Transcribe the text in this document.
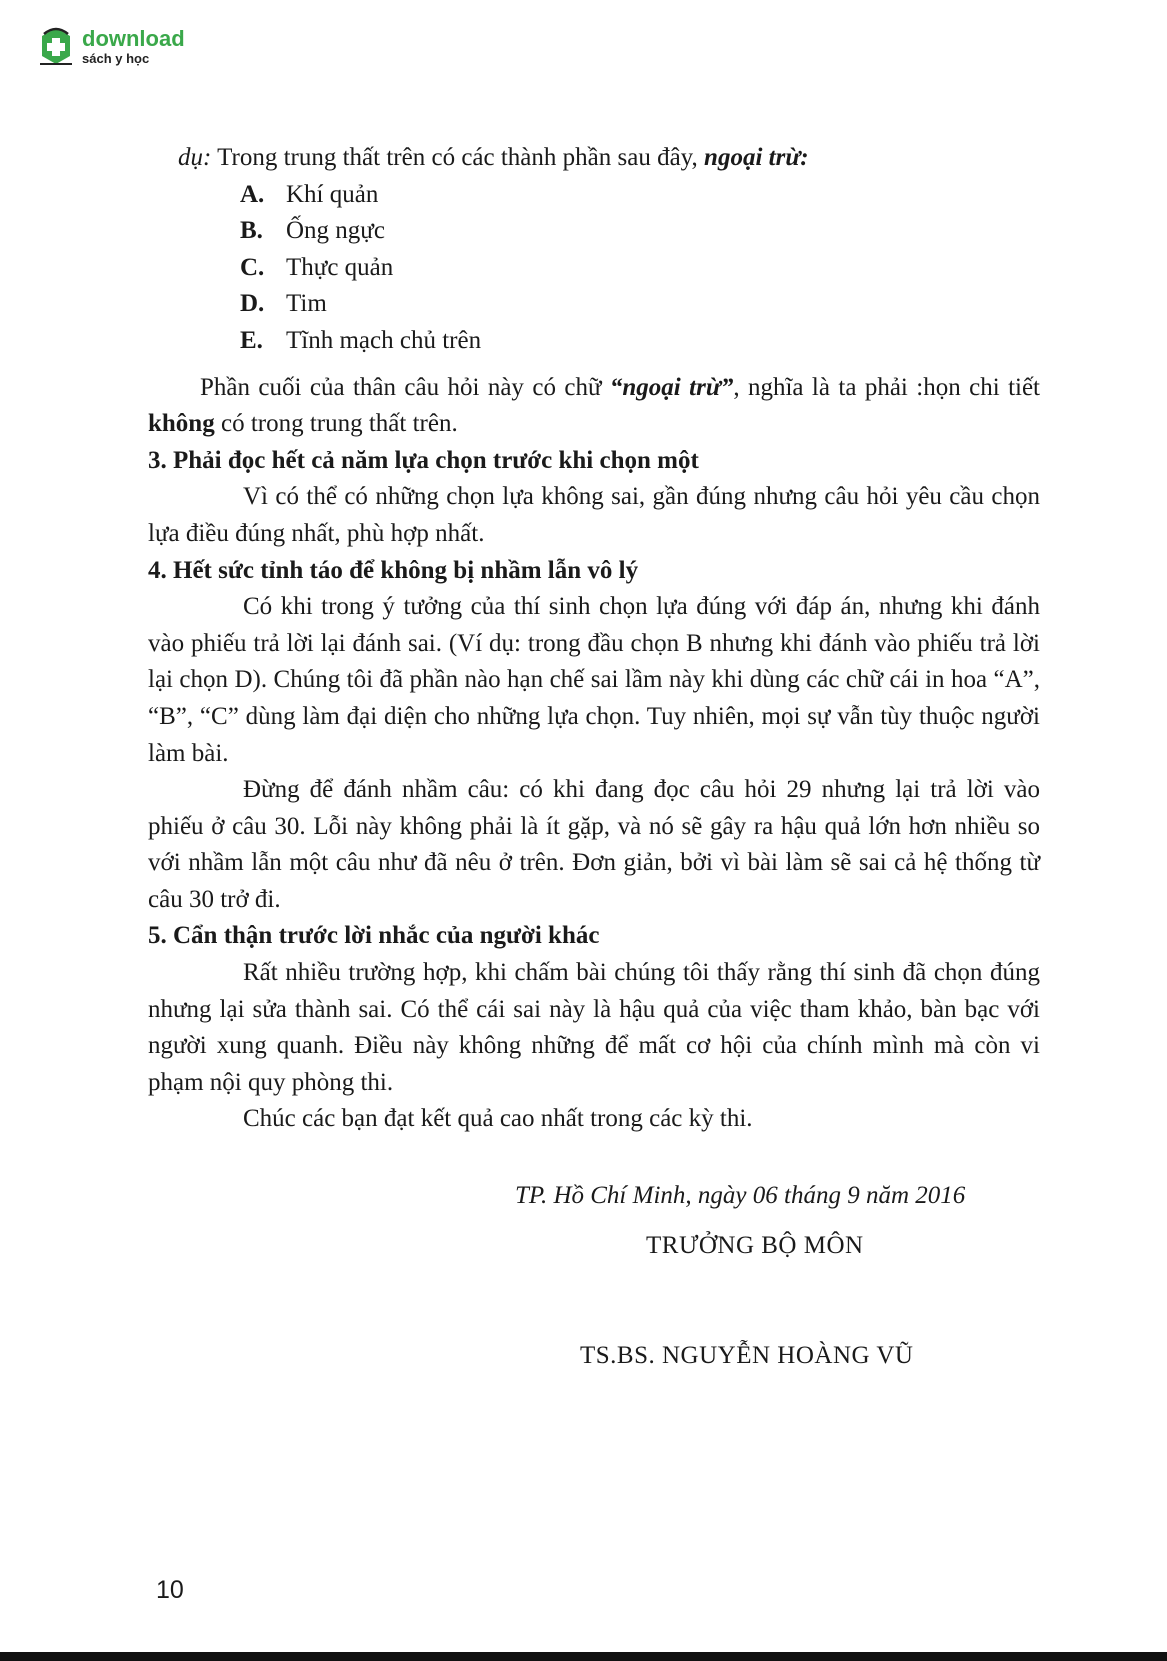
download
sách y học

dụ: Trong trung thất trên có các thành phần sau đây, ngoại trừ:

A. Khí quản

B. Ống ngực

C. Thực quản

D. Tim

E. Tĩnh mạch chủ trên

Phần cuối của thân câu hỏi này có chữ “ngoại trừ”, nghĩa là ta phải :họn chi tiết không có trong trung thất trên.

3. Phải đọc hết cả năm lựa chọn trước khi chọn một

Vì có thể có những chọn lựa không sai, gần đúng nhưng câu hỏi yêu cầu chọn lựa điều đúng nhất, phù hợp nhất.

4. Hết sức tỉnh táo để không bị nhầm lẫn vô lý

Có khi trong ý tưởng của thí sinh chọn lựa đúng với đáp án, nhưng khi đánh vào phiếu trả lời lại đánh sai. (Ví dụ: trong đầu chọn B nhưng khi đánh vào phiếu trả lời lại chọn D). Chúng tôi đã phần nào hạn chế sai lầm này khi dùng các chữ cái in hoa “A”, “B”, “C” dùng làm đại diện cho những lựa chọn. Tuy nhiên, mọi sự vẫn tùy thuộc người làm bài.

Đừng để đánh nhầm câu: có khi đang đọc câu hỏi 29 nhưng lại trả lời vào phiếu ở câu 30. Lỗi này không phải là ít gặp, và nó sẽ gây ra hậu quả lớn hơn nhiều so với nhầm lẫn một câu như đã nêu ở trên. Đơn giản, bởi vì bài làm sẽ sai cả hệ thống từ câu 30 trở đi.

5. Cẩn thận trước lời nhắc của người khác

Rất nhiều trường hợp, khi chấm bài chúng tôi thấy rằng thí sinh đã chọn đúng nhưng lại sửa thành sai. Có thể cái sai này là hậu quả của việc tham khảo, bàn bạc với người xung quanh. Điều này không những để mất cơ hội của chính mình mà còn vi phạm nội quy phòng thi.

Chúc các bạn đạt kết quả cao nhất trong các kỳ thi.

TP. Hồ Chí Minh, ngày 06 tháng 9 năm 2016
TRƯỞNG BỘ MÔN
TS.BS. NGUYỄN HOÀNG VŨ
10
